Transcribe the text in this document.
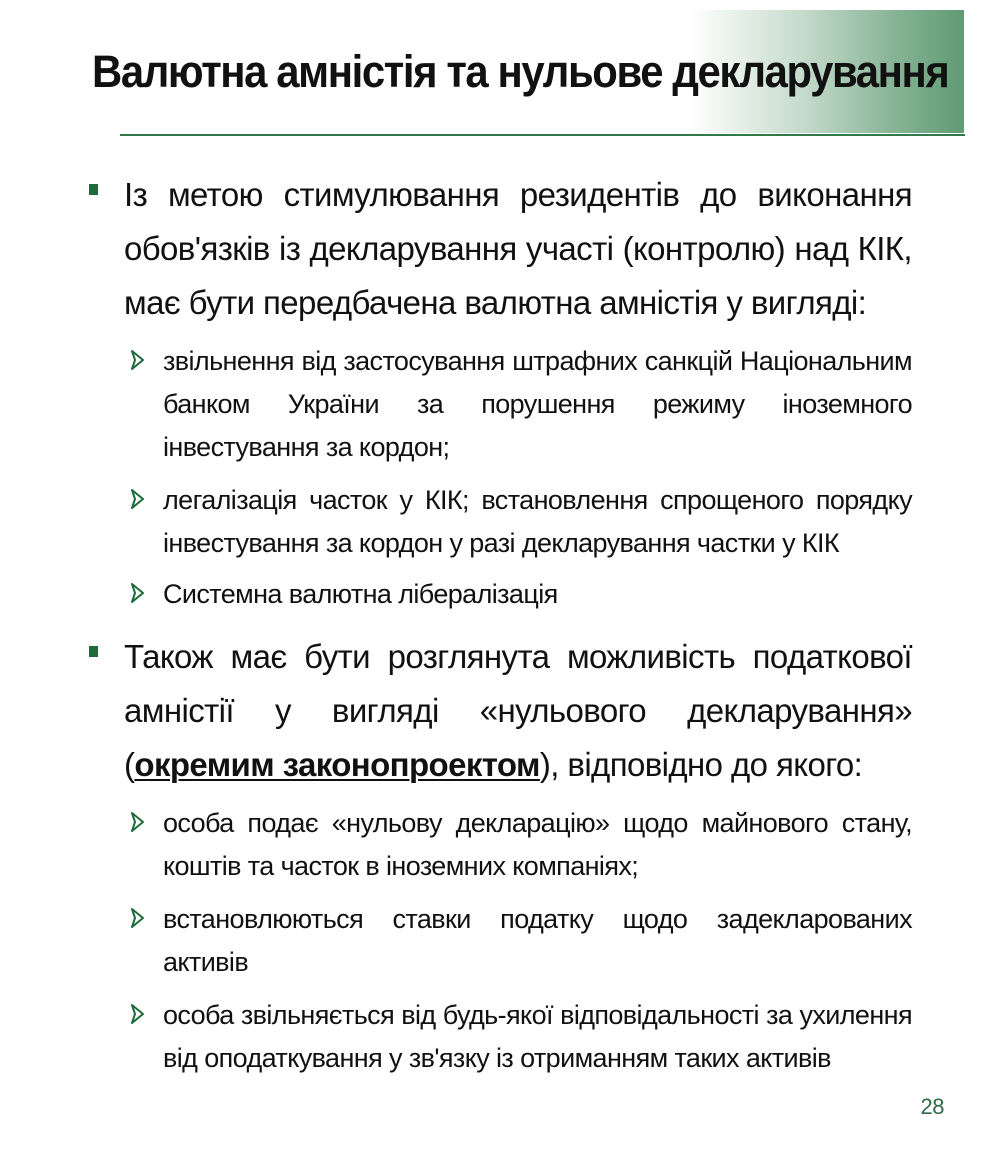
Валютна амністія та нульове декларування
Із метою стимулювання резидентів до виконання обов'язків із декларування участі (контролю) над КІК, має бути передбачена валютна амністія у вигляді:
звільнення від застосування штрафних санкцій Національним банком України за порушення режиму іноземного інвестування за кордон;
легалізація часток у КІК; встановлення спрощеного порядку інвестування за кордон у разі декларування частки у КІК
Системна валютна лібералізація
Також має бути розглянута можливість податкової амністії у вигляді «нульового декларування» (окремим законопроектом), відповідно до якого:
особа подає «нульову декларацію» щодо майнового стану, коштів та часток в іноземних компаніях;
встановлюються ставки податку щодо задекларованих активів
особа звільняється від будь-якої відповідальності за ухилення від оподаткування у зв'язку із отриманням таких активів
28
